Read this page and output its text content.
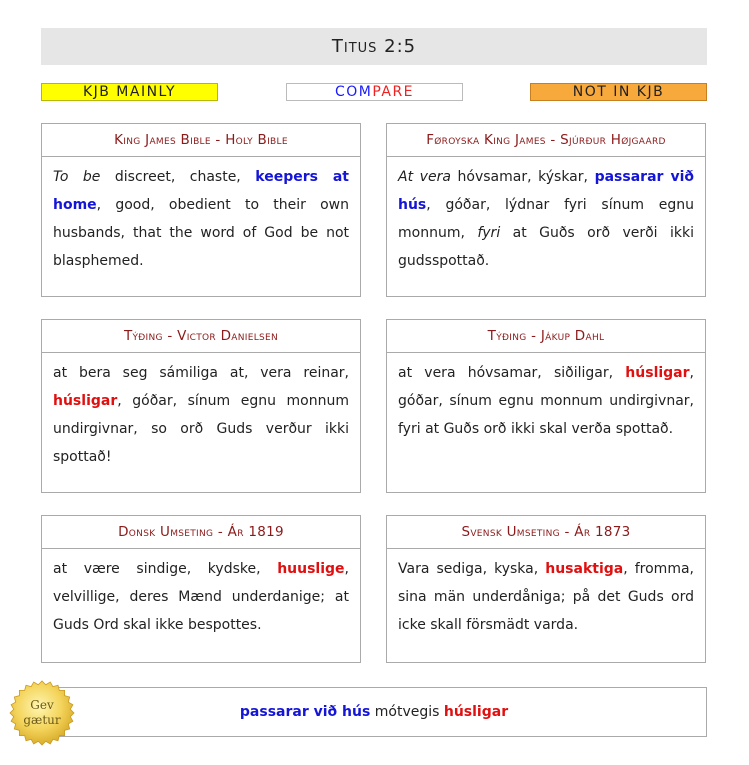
Titus 2:5
KJB MAINLY	COM PARE	NOT IN KJB
King James Bible - Holy Bible
To be discreet, chaste, keepers at home, good, obedient to their own husbands, that the word of God be not blasphemed.
Føroyska King James - Sjúrður Højgaard
At vera hóvsamar, kýskar, passarar við hús, góðar, lýdnar fyri sínum egnu monnum, fyri at Guðs orð verði ikki gudsspottað.
Týðing - Victor Danielsen
at bera seg sámiliga at, vera reinar, húsligar, góðar, sínum egnu monnum undirgivnar, so orð Guds verður ikki spottað!
Týðing - Jákup Dahl
at vera hóvsamar, siðiligar, húsligar, góðar, sínum egnu monnum undirgivnar, fyri at Guðs orð ikki skal verða spottað.
Donsk Umseting - Ár 1819
at være sindige, kydske, huuslige, velvillige, deres Mænd underdanige; at Guds Ord skal ikke bespottes.
Svensk Umseting - Ár 1873
Vara sediga, kyska, husaktiga, fromma, sina män underdåniga; på det Guds ord icke skall försmädt varda.
passarar við hús mótvegis húsligar
Gev
gætur
